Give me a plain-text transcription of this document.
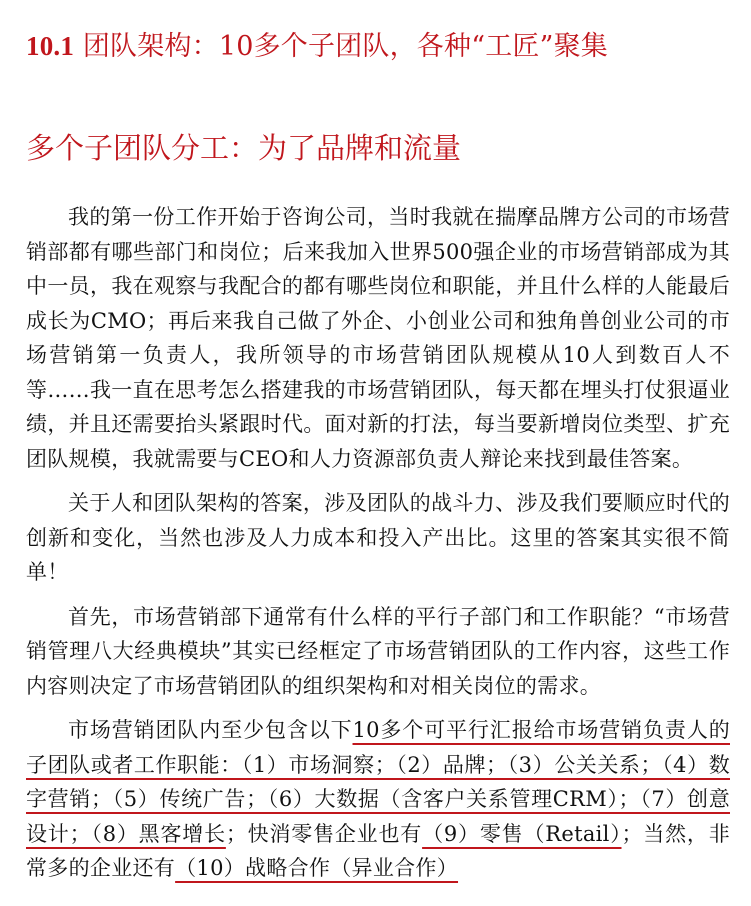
10.1 团队架构：10多个子团队，各种“工匠”聚集
多个子团队分工：为了品牌和流量

我的第一份工作开始于咨询公司，当时我就在揣摩品牌方公司的市场营销部都有哪些部门和岗位；后来我加入世界500强企业的市场营销部成为其中一员，我在观察与我配合的都有哪些岗位和职能，并且什么样的人能最后成长为CMO；再后来我自己做了外企、小创业公司和独角兽创业公司的市场营销第一负责人，我所领导的市场营销团队规模从10人到数百人不等……我一直在思考怎么搭建我的市场营销团队，每天都在埋头打仗狠逼业绩，并且还需要抬头紧跟时代。面对新的打法，每当要新增岗位类型、扩充团队规模，我就需要与CEO和人力资源部负责人辩论来找到最佳答案。

关于人和团队架构的答案，涉及团队的战斗力、涉及我们要顺应时代的创新和变化，当然也涉及人力成本和投入产出比。这里的答案其实很不简单！

首先，市场营销部下通常有什么样的平行子部门和工作职能？“市场营销管理八大经典模块”其实已经框定了市场营销团队的工作内容，这些工作内容则决定了市场营销团队的组织架构和对相关岗位的需求。

市场营销团队内至少包含以下10多个可平行汇报给市场营销负责人的子团队或者工作职能：（1）市场洞察；（2）品牌；（3）公关关系；（4）数字营销；（5）传统广告；（6）大数据（含客户关系管理CRM）；（7）创意设计；（8）黑客增长；快消零售企业也有（9）零售（Retail）；当然，非常多的企业还有（10）战略合作（异业合作）
